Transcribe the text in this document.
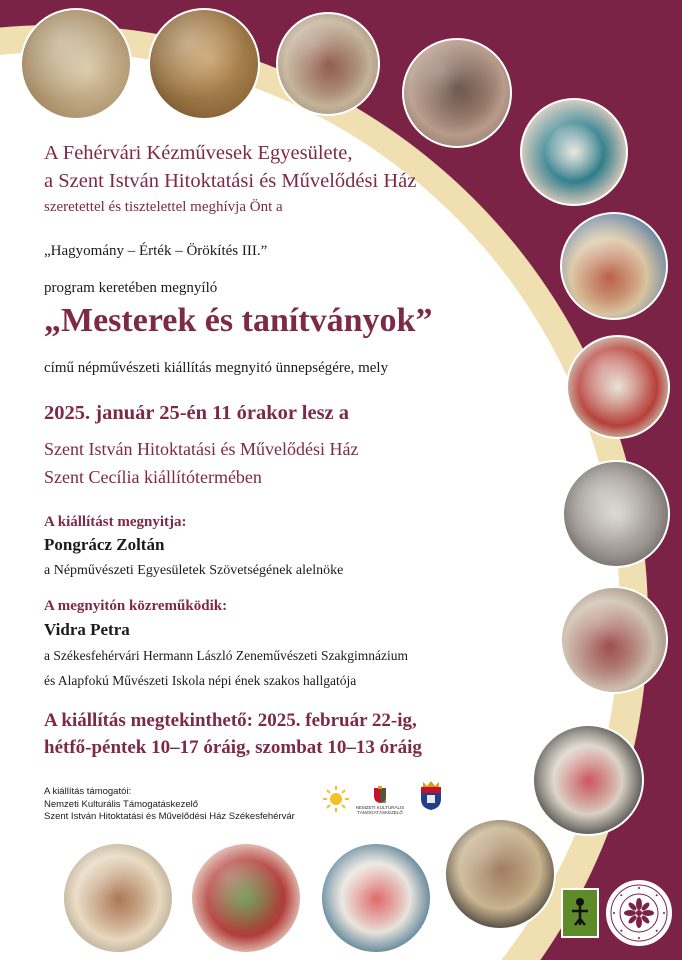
A Fehérvári Kézművesek Egyesülete,
a Szent István Hitoktatási és Művelődési Ház
szeretettel és tisztelettel meghívja Önt a
„Hagyomány – Érték – Örökítés III.”
program keretében megnyíló
„Mesterek és tanítványok”
című népművészeti kiállítás megnyitó ünnepségére, mely
2025. január 25-én 11 órakor lesz a
Szent István Hitoktatási és Művelődési Ház
Szent Cecília kiállítótermében
A kiállítást megnyitja:
Pongrácz Zoltán
a Népművészeti Egyesületek Szövetségének alelnöke
A megnyitón közreműködik:
Vidra Petra
a Székesfehérvári Hermann László Zeneművészeti Szakgimnázium
és Alapfokú Művészeti Iskola népi ének szakos hallgatója
A kiállítás megtekinthető: 2025. február 22-ig,
hétfő-péntek 10–17 óráig, szombat 10–13 óráig
A kiállítás támogatói:
Nemzeti Kulturális Támogatáskezelő
Szent István Hitoktatási és Művelődési Ház Székesfehérvár
NEMZETI KULTURÁLIS
TÁMOGATÁSKEZELŐ
